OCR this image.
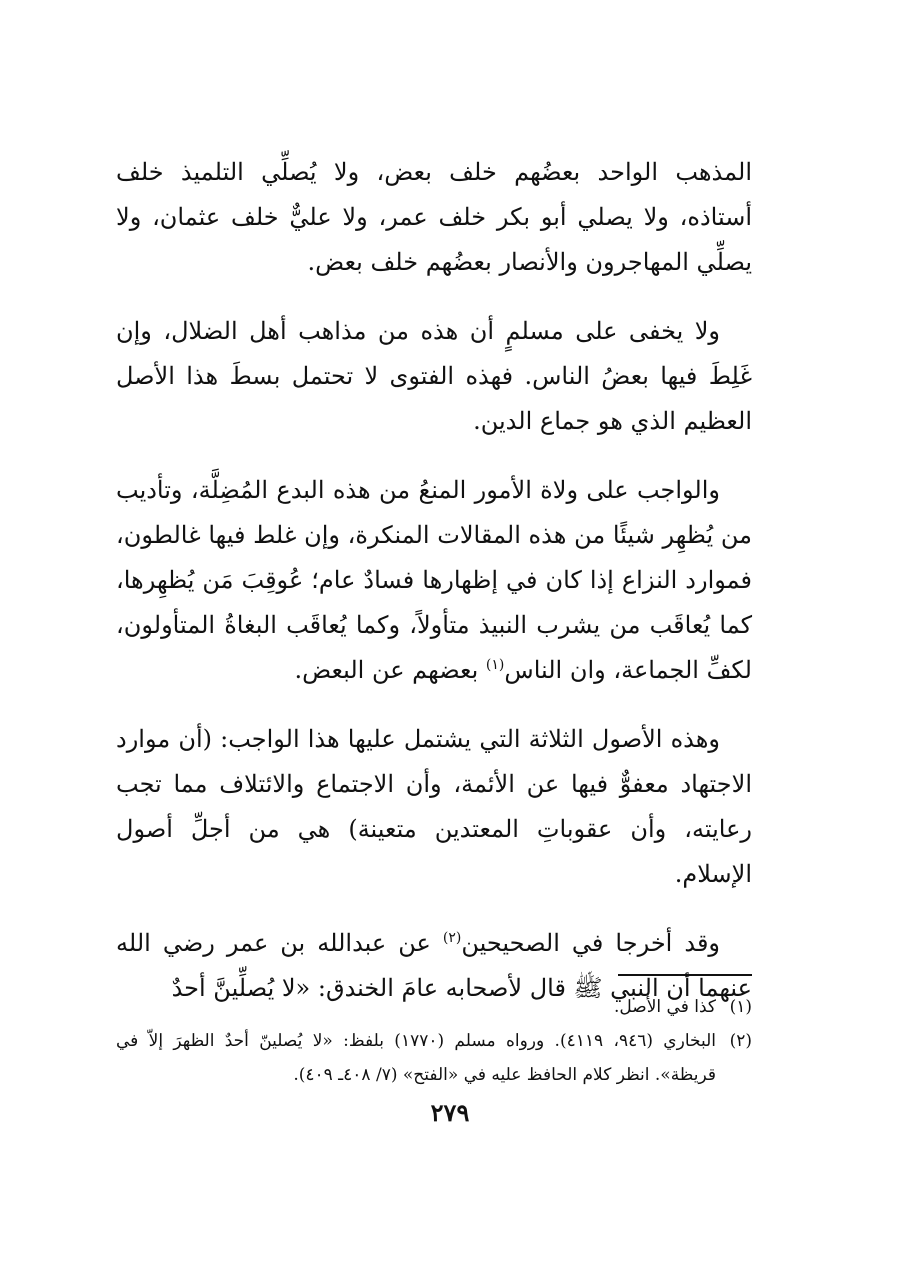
المذهب الواحد بعضُهم خلف بعض، ولا يُصلِّي التلميذ خلف أستاذه، ولا يصلي أبو بكر خلف عمر، ولا عليٌّ خلف عثمان، ولا يصلِّي المهاجرون والأنصار بعضُهم خلف بعض.

ولا يخفى على مسلمٍ أن هذه من مذاهب أهل الضلال، وإن غَلِطَ فيها بعضُ الناس. فهذه الفتوى لا تحتمل بسطَ هذا الأصل العظيم الذي هو جماع الدين.

والواجب على ولاة الأمور المنعُ من هذه البدع المُضِلَّة، وتأديب من يُظهِر شيئًا من هذه المقالات المنكرة، وإن غلط فيها غالطون، فموارد النزاع إذا كان في إظهارها فسادٌ عام؛ عُوقِبَ مَن يُظهِرها، كما يُعاقَب من يشرب النبيذ متأولاً، وكما يُعاقَب البغاةُ المتأولون، لكفِّ الجماعة، وان الناس$^{(١)}$ بعضهم عن البعض.

وهذه الأصول الثلاثة التي يشتمل عليها هذا الواجب: (أن موارد الاجتهاد معفوٌّ فيها عن الأئمة، وأن الاجتماع والائتلاف مما تجب رعايته، وأن عقوباتِ المعتدين متعينة) هي من أجلِّ أصول الإسلام.

وقد أخرجا في الصحيحين$^{(٢)}$ عن عبدالله بن عمر رضي الله عنهما أن النبي ﷺ قال لأصحابه عامَ الخندق: «لا يُصلِّينَّ أحدٌ

(١)
كذا في الأصل.
(٢)
البخاري (٩٤٦، ٤١١٩). ورواه مسلم (١٧٧٠) بلفظ: «لا يُصلينّ أحدٌ الظهرَ إلاّ في قريظة». انظر كلام الحافظ عليه في «الفتح» (٧/ ٤٠٨ـ ٤٠٩).
٢٧٩
